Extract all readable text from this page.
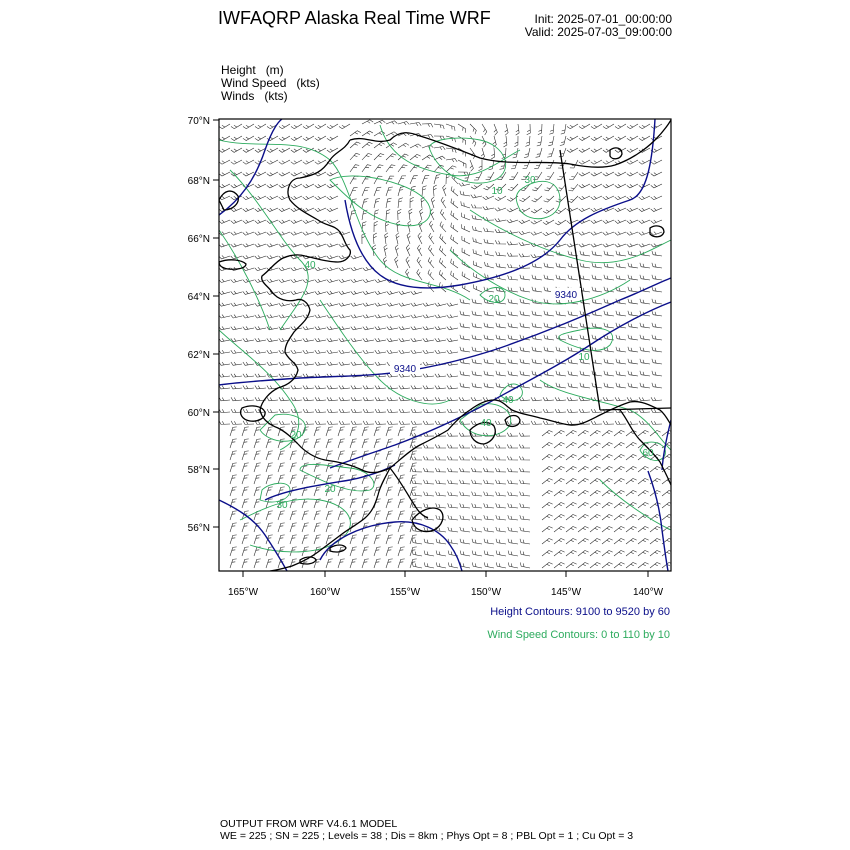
IWFAQRP Alaska Real Time WRF	Init: 2025-07-01_00:00:00
Valid: 2025-07-03_09:00:00
Height   (m)
Wind Speed   (kts)
Winds   (kts)
70°N
68°N
66°N
64°N
62°N
60°N
58°N
56°N
165°W	160°W	155°W	150°W	145°W	140°W
9340
9340
30
10
40
20
10
60
20
40
40
20
30
Height Contours: 9100 to 9520 by 60
Wind Speed Contours: 0 to 110 by 10
OUTPUT FROM WRF V4.6.1 MODEL
WE = 225 ; SN = 225 ; Levels = 38 ; Dis = 8km ; Phys Opt = 8 ; PBL Opt = 1 ; Cu Opt = 3
